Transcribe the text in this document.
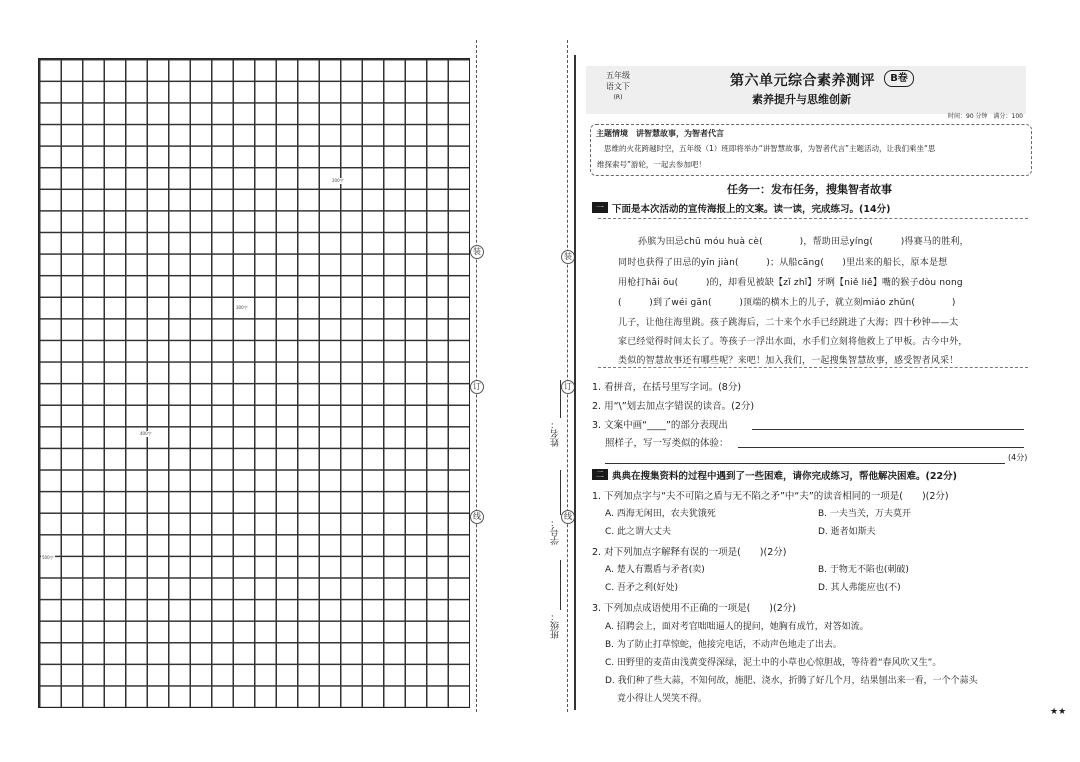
200字
300字
400字
500字
装
订
线
装
订
线
姓名：
学号：
班级：
五年级
语文下
(R)
第六单元综合素养测评	B卷
素养提升与思维创新
时间：90 分钟　满分：100
主题情境　讲智慧故事，为智者代言
思维的火花跨越时空，五年级（1）班即将举办“讲智慧故事，为智者代言”主题活动，让我们乘坐“思
维探索号”游轮，一起去参加吧！
任务一：发布任务，搜集智者故事
一 下面是本次活动的宣传海报上的文案。读一读，完成练习。(14分)
孙膑为田忌chū móu huà cè(　　　　)，帮助田忌yíng(　　　)得赛马的胜利，
同时也获得了田忌的yīn jiàn(　　　)；从船cāng(　　)里出来的船长，原本是想
用枪打hǎi ōu(　　　)的，却看见被缺【zǐ zhǐ】牙咧【niě liě】嘴的猴子dòu nong
(　　　)到了wéi gān(　　　)顶端的横木上的儿子，就立刻miáo zhǔn(　　　　)
儿子，让他往海里跳。孩子跳海后，二十来个水手已经跳进了大海；四十秒钟——太
家已经觉得时间太长了。等孩子一浮出水面，水手们立刻将他救上了甲板。古今中外，
类似的智慧故事还有哪些呢？来吧！加入我们，一起搜集智慧故事，感受智者风采！
1. 看拼音，在括号里写字词。(8分)
2. 用“\”划去加点字错误的读音。(2分)
3. 文案中画“____”的部分表现出
照样子，写一写类似的体验：
(4分)
二 典典在搜集资料的过程中遇到了一些困难，请你完成练习，帮他解决困难。(22分)
1. 下列加点字与“夫不可陷之盾与无不陷之矛”中“夫”的读音相同的一项是(　　)(2分)
A. 西海无闲田，农夫犹饿死	B. 一夫当关，万夫莫开
C. 此之谓大丈夫	D. 逝者如斯夫
2. 对下列加点字解释有误的一项是(　　)(2分)
A. 楚人有鬻盾与矛者(卖)	B. 于物无不陷也(刺破)
C. 吾矛之利(好处)	D. 其人弗能应也(不)
3. 下列加点成语使用不正确的一项是(　　)(2分)
A. 招聘会上，面对考官咄咄逼人的提问，她胸有成竹，对答如流。
B. 为了防止打草惊蛇，他接完电话，不动声色地走了出去。
C. 田野里的麦苗由浅黄变得深绿，泥土中的小草也心惊胆战，等待着“春风吹又生”。
D. 我们种了些大蒜，不知何故，施肥、浇水，折腾了好几个月，结果刨出来一看，一个个蒜头
竟小得让人哭笑不得。
★★
